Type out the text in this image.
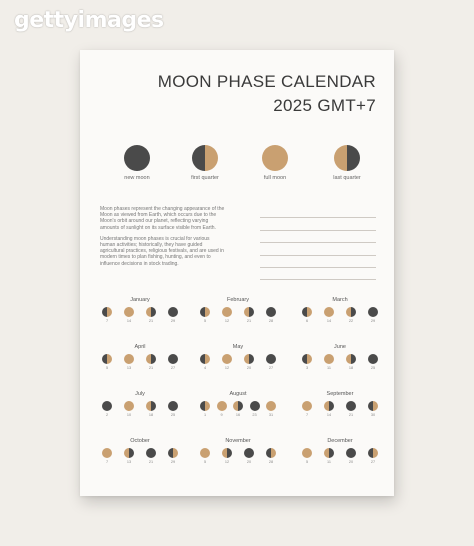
gettyimages
MOON PHASE CALENDAR
2025 GMT+7
new moon	first quarter	full moon	last quarter

Moon phases represent the changing appearance of the Moon as viewed from Earth, which occurs due to the Moon's orbit around our planet, reflecting varying amounts of sunlight on its surface visible from Earth.

Understanding moon phases is crucial for various human activities; historically, they have guided agricultural practices, religious festivals, and are used in modern times to plan fishing, hunting, and even to influence decisions in stock trading.

January
7	14	21	29
February
5	12	21	28
March
6	14	22	29
April
5	13	21	27
May
4	12	20	27
June
3	11	18	25
July
2	10	18	25
August
1	9	16	23	31
September
7	14	21	30
October
7	13	21	29
November
5	12	20	28
December
5	11	20	27
